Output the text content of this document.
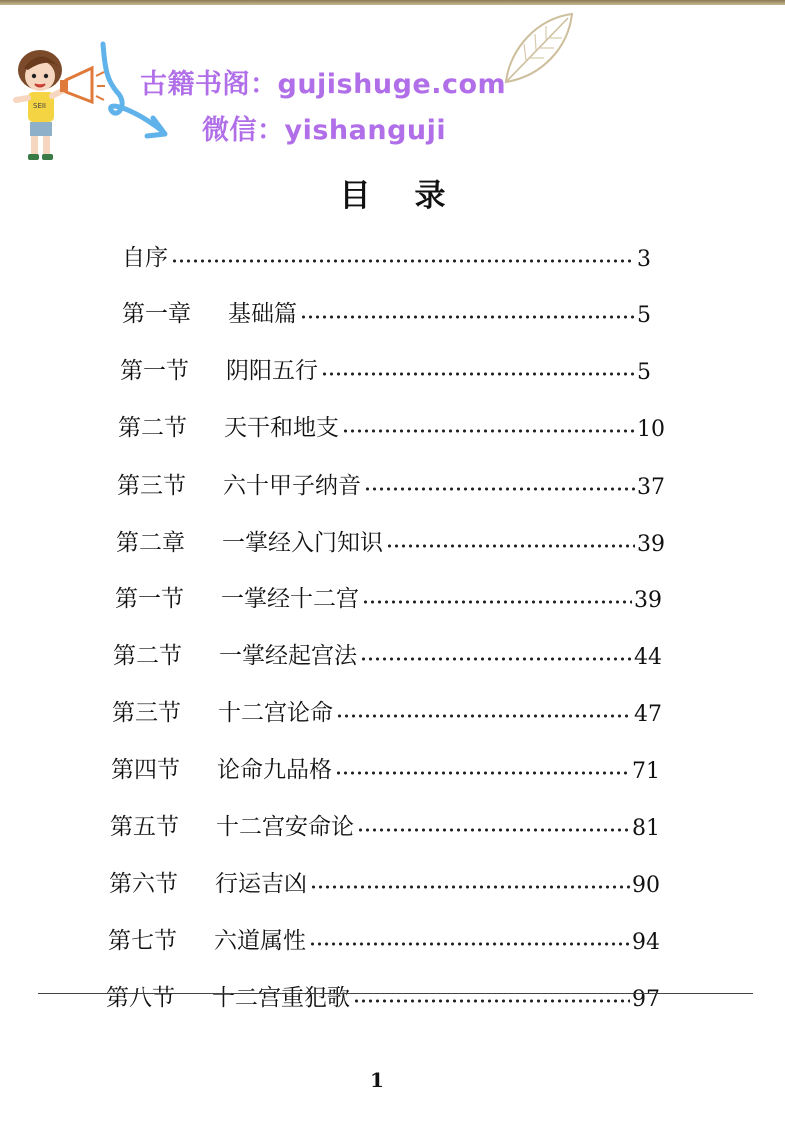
SEII
古籍书阁：gujishuge.com
微信：yishanguji
目录
自序	3
第一章	基础篇	5
第一节	阴阳五行	5
第二节	天干和地支	10
第三节	六十甲子纳音	37
第二章	一掌经入门知识	39
第一节	一掌经十二宫	39
第二节	一掌经起宫法	44
第三节	十二宫论命	47
第四节	论命九品格	71
第五节	十二宫安命论	81
第六节	行运吉凶	90
第七节	六道属性	94
第八节	十二宫重犯歌	97
1
